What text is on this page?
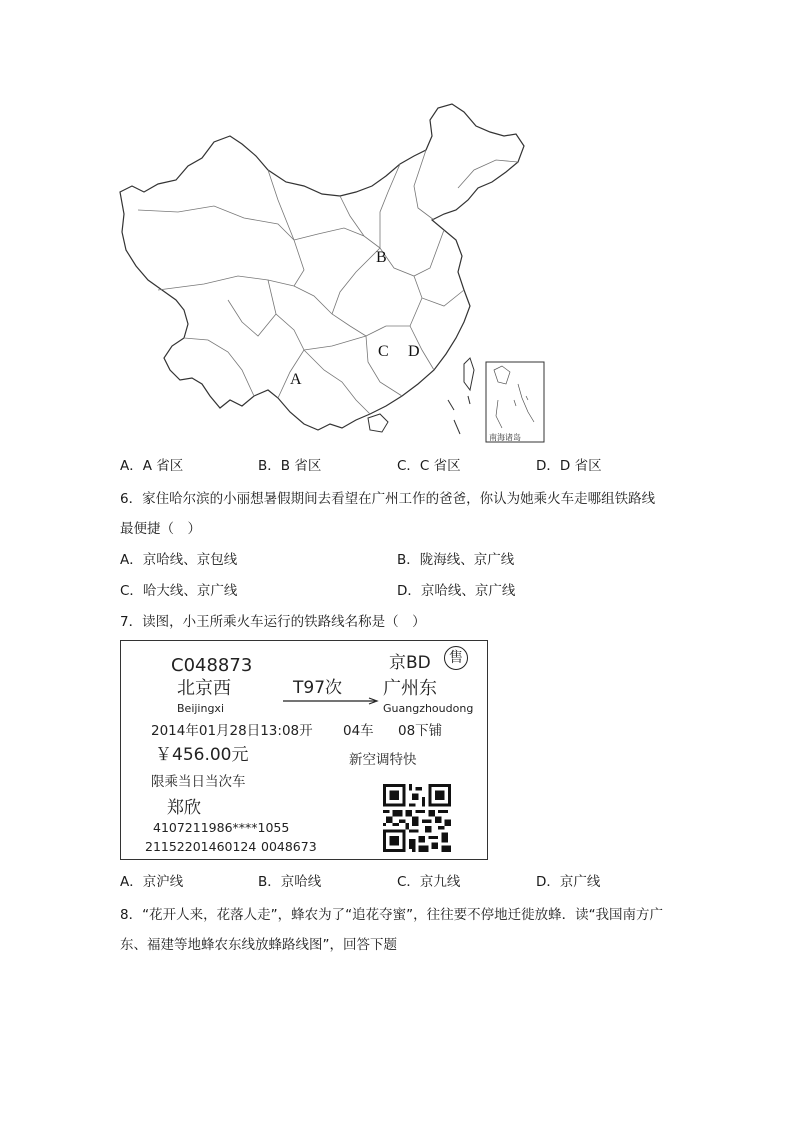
B
C D
A
南海诸岛
A．A 省区	B．B 省区	C．C 省区	D．D 省区
6．家住哈尔滨的小丽想暑假期间去看望在广州工作的爸爸，你认为她乘火车走哪组铁路线
最便捷（　）
A．京哈线、京包线	B．陇海线、京广线
C．哈大线、京广线	D．京哈线、京广线
7．读图，小王所乘火车运行的铁路线名称是（　）
C048873	京BD	售
北京西	T97次 广州东
Beijingxi	Guangzhoudong
2014年01月28日13:08开 04车 08下铺
￥456.00元	新空调特快
限乘当日当次车
郑欣
4107211986****1055
21152201460124 0048673
A．京沪线	B．京哈线	C．京九线	D．京广线
8．“花开人来，花落人走”，蜂农为了“追花夺蜜”，往往要不停地迁徙放蜂．读“我国南方广
东、福建等地蜂农东线放蜂路线图”，回答下题
